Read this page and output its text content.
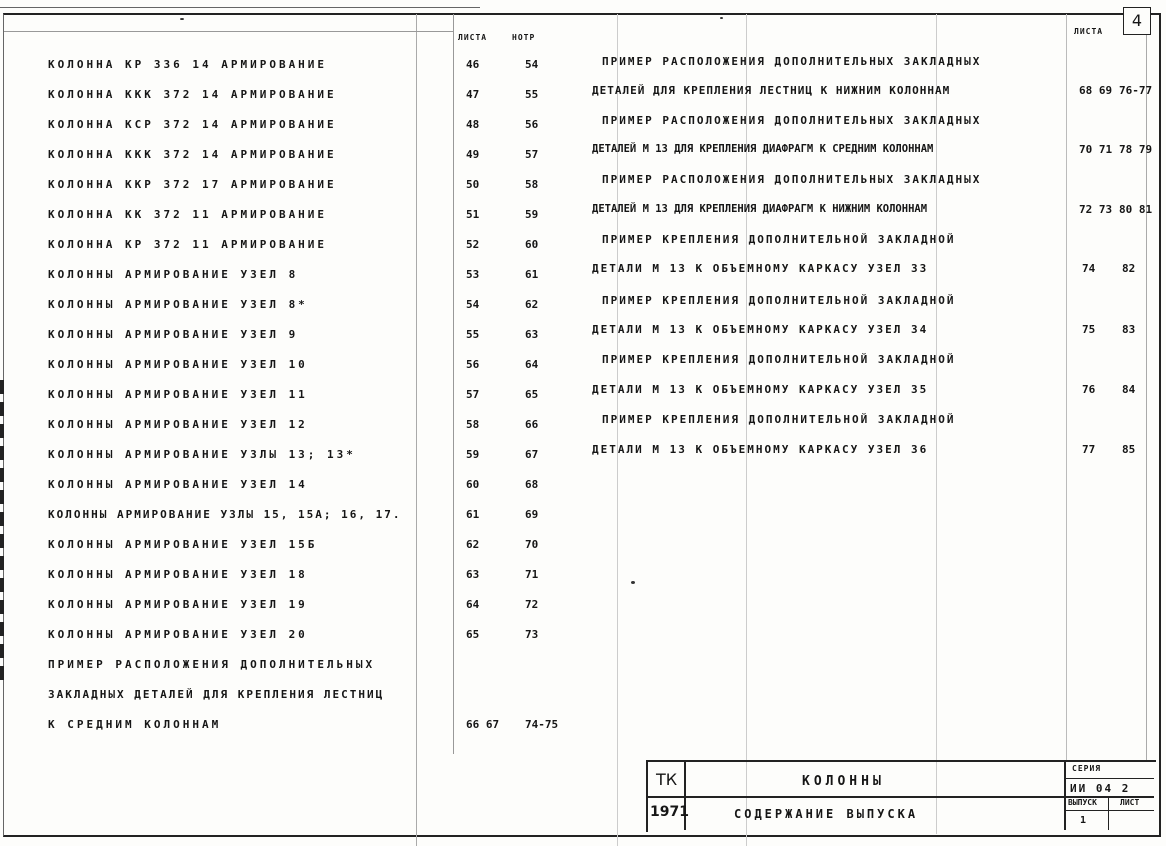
ЛИСТА	НОТР
ЛИСТА
4
КОЛОННА КР 336 14 АРМИРОВАНИЕ	46	54
КОЛОННА ККК 372 14 АРМИРОВАНИЕ	47	55
КОЛОННА КСР 372 14 АРМИРОВАНИЕ	48	56
КОЛОННА ККК 372 14 АРМИРОВАНИЕ	49	57
КОЛОННА ККР 372 17 АРМИРОВАНИЕ	50	58
КОЛОННА КК 372 11 АРМИРОВАНИЕ	51	59
КОЛОННА КР 372 11 АРМИРОВАНИЕ	52	60
КОЛОННЫ АРМИРОВАНИЕ УЗЕЛ 8	53	61
КОЛОННЫ АРМИРОВАНИЕ УЗЕЛ 8*	54	62
КОЛОННЫ АРМИРОВАНИЕ УЗЕЛ 9	55	63
КОЛОННЫ АРМИРОВАНИЕ УЗЕЛ 10	56	64
КОЛОННЫ АРМИРОВАНИЕ УЗЕЛ 11	57	65
КОЛОННЫ АРМИРОВАНИЕ УЗЕЛ 12	58	66
КОЛОННЫ АРМИРОВАНИЕ УЗЛЫ 13; 13*	59	67
КОЛОННЫ АРМИРОВАНИЕ УЗЕЛ 14	60	68
КОЛОННЫ АРМИРОВАНИЕ УЗЛЫ 15, 15А; 16, 17.	61	69
КОЛОННЫ АРМИРОВАНИЕ УЗЕЛ 15Б	62	70
КОЛОННЫ АРМИРОВАНИЕ УЗЕЛ 18	63	71
КОЛОННЫ АРМИРОВАНИЕ УЗЕЛ 19	64	72
КОЛОННЫ АРМИРОВАНИЕ УЗЕЛ 20	65	73
ПРИМЕР РАСПОЛОЖЕНИЯ ДОПОЛНИТЕЛЬНЫХ
ЗАКЛАДНЫХ ДЕТАЛЕЙ ДЛЯ КРЕПЛЕНИЯ ЛЕСТНИЦ
К СРЕДНИМ КОЛОННАМ	66 67 74-75
ПРИМЕР РАСПОЛОЖЕНИЯ ДОПОЛНИТЕЛЬНЫХ ЗАКЛАДНЫХ
ДЕТАЛЕЙ ДЛЯ КРЕПЛЕНИЯ ЛЕСТНИЦ К НИЖНИМ КОЛОННАМ	68 69 76-77
ПРИМЕР РАСПОЛОЖЕНИЯ ДОПОЛНИТЕЛЬНЫХ ЗАКЛАДНЫХ
ДЕТАЛЕЙ М 13 ДЛЯ КРЕПЛЕНИЯ ДИАФРАГМ К СРЕДНИМ КОЛОННАМ	70 71 78 79
ПРИМЕР РАСПОЛОЖЕНИЯ ДОПОЛНИТЕЛЬНЫХ ЗАКЛАДНЫХ
ДЕТАЛЕЙ М 13 ДЛЯ КРЕПЛЕНИЯ ДИАФРАГМ К НИЖНИМ КОЛОННАМ	72 73 80 81
ПРИМЕР КРЕПЛЕНИЯ ДОПОЛНИТЕЛЬНОЙ ЗАКЛАДНОЙ
ДЕТАЛИ М 13 К ОБЪЕМНОМУ КАРКАСУ УЗЕЛ 33	74 82
ПРИМЕР КРЕПЛЕНИЯ ДОПОЛНИТЕЛЬНОЙ ЗАКЛАДНОЙ
ДЕТАЛИ М 13 К ОБЪЕМНОМУ КАРКАСУ УЗЕЛ 34	75 83
ПРИМЕР КРЕПЛЕНИЯ ДОПОЛНИТЕЛЬНОЙ ЗАКЛАДНОЙ
ДЕТАЛИ М 13 К ОБЪЕМНОМУ КАРКАСУ УЗЕЛ 35	76 84
ПРИМЕР КРЕПЛЕНИЯ ДОПОЛНИТЕЛЬНОЙ ЗАКЛАДНОЙ
ДЕТАЛИ М 13 К ОБЪЕМНОМУ КАРКАСУ УЗЕЛ 36	77 85
ТК
1971
КОЛОННЫ
СОДЕРЖАНИЕ ВЫПУСКА
СЕРИЯ
ИИ 04 2
ВЫПУСК	ЛИСТ
1
